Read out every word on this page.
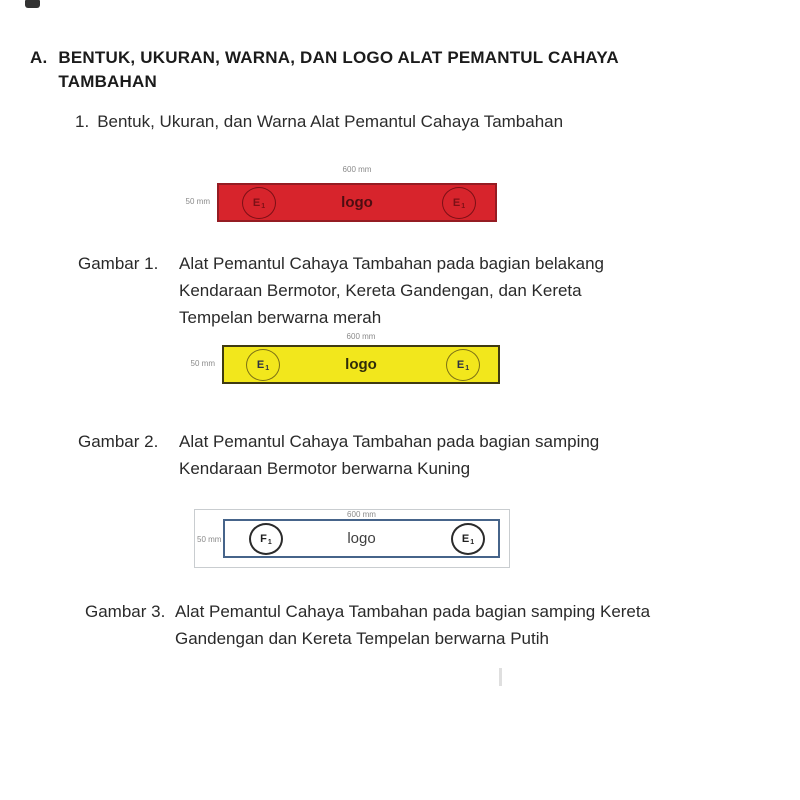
A. BENTUK, UKURAN, WARNA, DAN LOGO ALAT PEMANTUL CAHAYA
TAMBAHAN
1. Bentuk, Ukuran, dan Warna Alat Pemantul Cahaya Tambahan
600 mm
50 mm	E 1	logo	E 1
Gambar 1.	Alat Pemantul Cahaya Tambahan pada bagian belakang
Kendaraan Bermotor, Kereta Gandengan, dan Kereta
Tempelan berwarna merah
600 mm
50 mm	E 1	logo	E 1
Gambar 2.	Alat Pemantul Cahaya Tambahan pada bagian samping
Kendaraan Bermotor berwarna Kuning
600 mm
50 mm	F 1	logo	E 1
Gambar 3. Alat Pemantul Cahaya Tambahan pada bagian samping Kereta
Gandengan dan Kereta Tempelan berwarna Putih
